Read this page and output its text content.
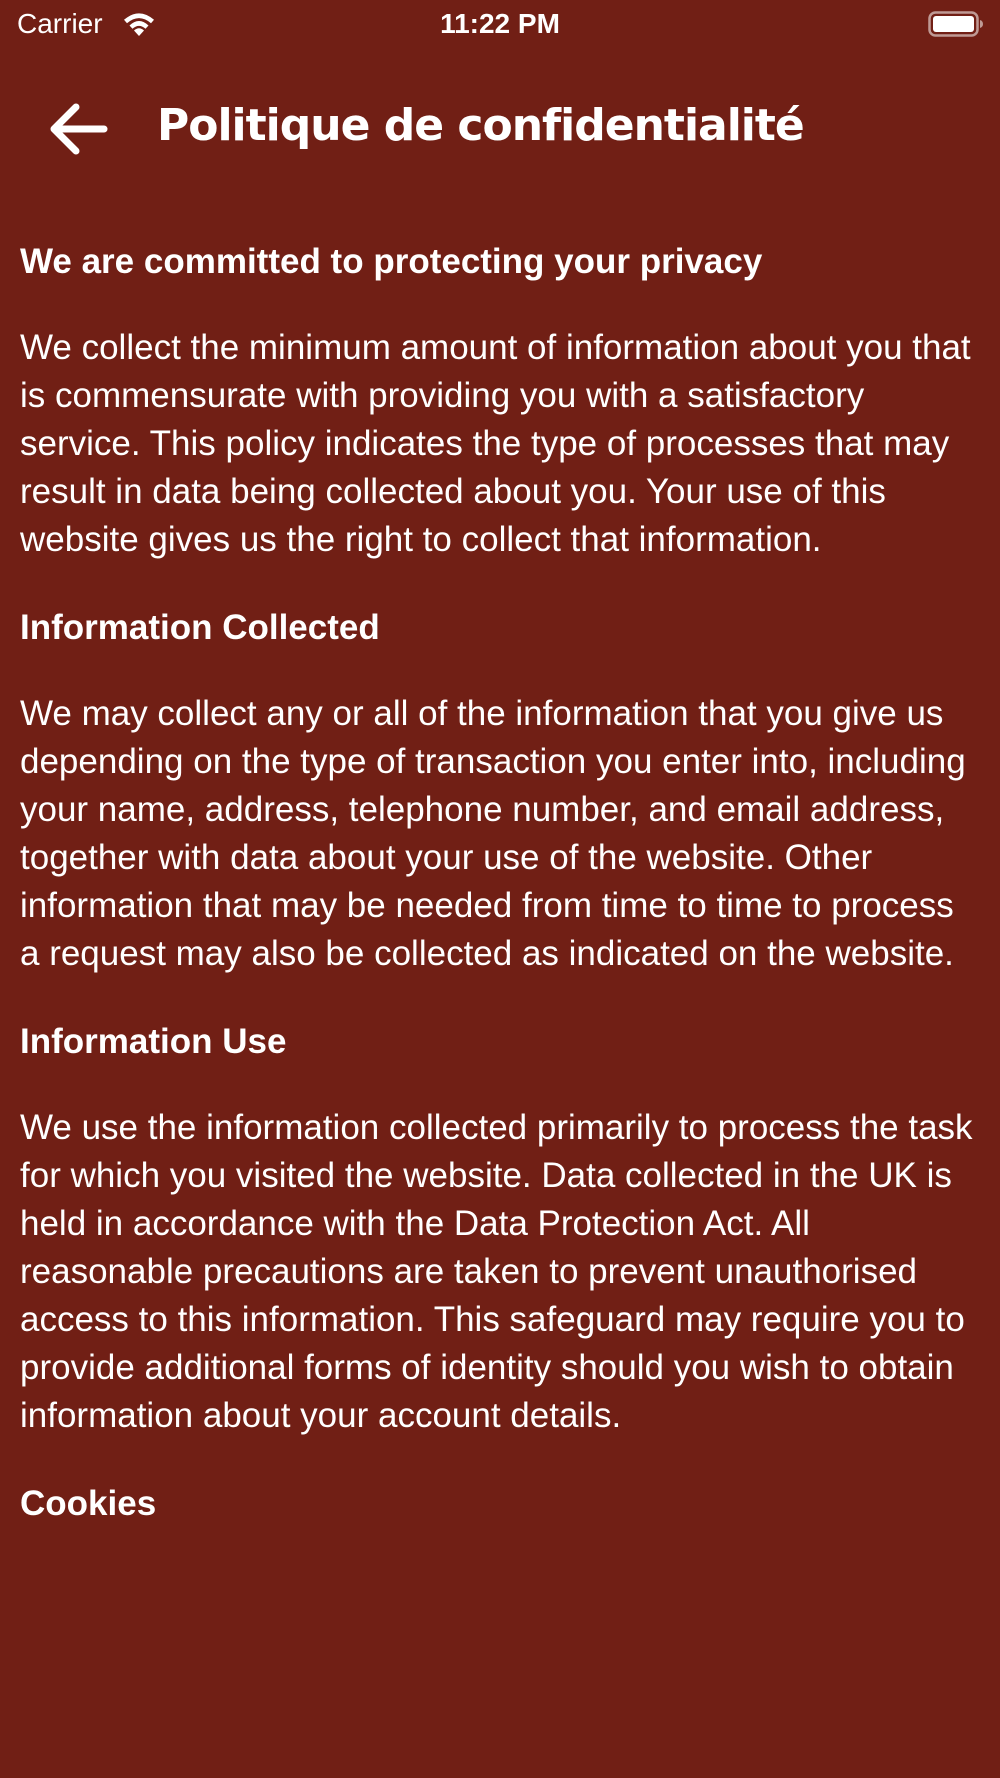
Carrier	11:22 PM
Politique de confidentialité
We are committed to protecting your privacy

We collect the minimum amount of information about you that is commensurate with providing you with a satisfactory service. This policy indicates the type of processes that may result in data being collected about you. Your use of this website gives us the right to collect that information.

Information Collected

We may collect any or all of the information that you give us depending on the type of transaction you enter into, including your name, address, telephone number, and email address, together with data about your use of the website. Other information that may be needed from time to time to process a request may also be collected as indicated on the website.

Information Use

We use the information collected primarily to process the task for which you visited the website. Data collected in the UK is held in accordance with the Data Protection Act. All reasonable precautions are taken to prevent unauthorised access to this information. This safeguard may require you to provide additional forms of identity should you wish to obtain information about your account details.

Cookies
